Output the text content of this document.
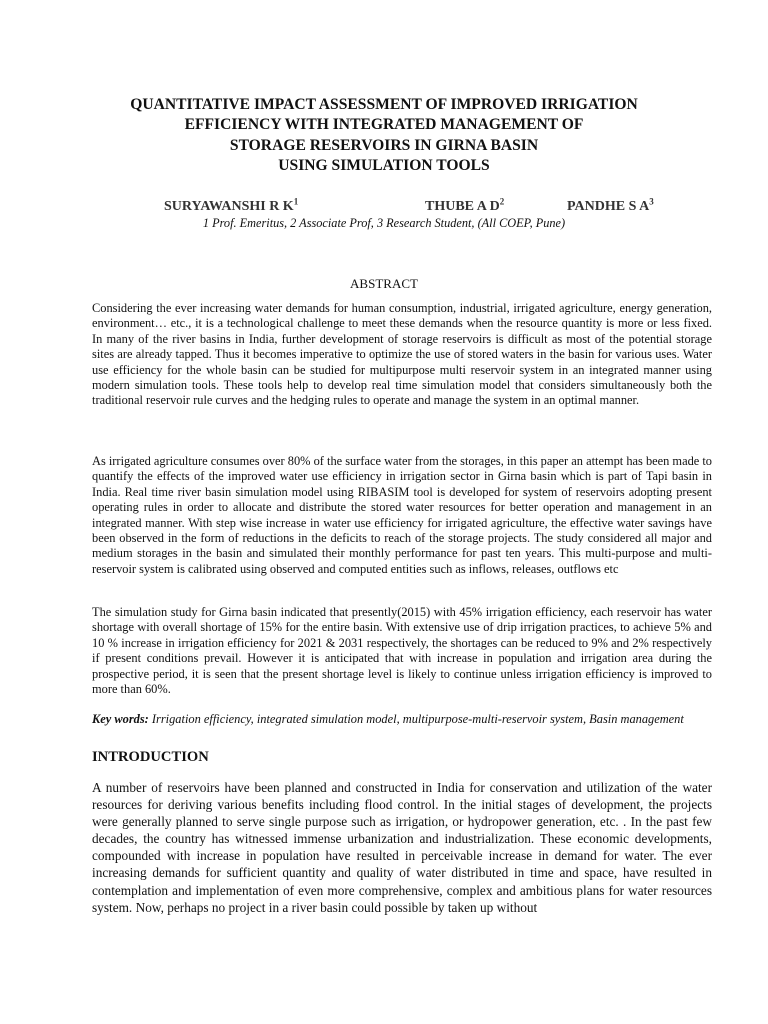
QUANTITATIVE IMPACT ASSESSMENT OF IMPROVED IRRIGATION
EFFICIENCY WITH INTEGRATED MANAGEMENT OF
STORAGE RESERVOIRS IN GIRNA BASIN
USING SIMULATION TOOLS
SURYAWANSHI R $K^1$	THUBE A $D^2$	PANDHE S $A^3$

1 Prof. Emeritus, 2 Associate Prof, 3 Research Student, (All COEP, Pune)

ABSTRACT

Considering the ever increasing water demands for human consumption, industrial, irrigated agriculture, energy generation, environment… etc., it is a technological challenge to meet these demands when the resource quantity is more or less fixed. In many of the river basins in India, further development of storage reservoirs is difficult as most of the potential storage sites are already tapped. Thus it becomes imperative to optimize the use of stored waters in the basin for various uses. Water use efficiency for the whole basin can be studied for multipurpose multi reservoir system in an integrated manner using modern simulation tools. These tools help to develop real time simulation model that considers simultaneously both the traditional reservoir rule curves and the hedging rules to operate and manage the system in an optimal manner.

As irrigated agriculture consumes over 80% of the surface water from the storages, in this paper an attempt has been made to quantify the effects of the improved water use efficiency in irrigation sector in Girna basin which is part of Tapi basin in India. Real time river basin simulation model using RIBASIM tool is developed for system of reservoirs adopting present operating rules in order to allocate and distribute the stored water resources for better operation and management in an integrated manner. With step wise increase in water use efficiency for irrigated agriculture, the effective water savings have been observed in the form of reductions in the deficits to reach of the storage projects. The study considered all major and medium storages in the basin and simulated their monthly performance for past ten years. This multi-purpose and multi-reservoir system is calibrated using observed and computed entities such as inflows, releases, outflows etc

The simulation study for Girna basin indicated that presently(2015) with 45% irrigation efficiency, each reservoir has water shortage with overall shortage of 15% for the entire basin. With extensive use of drip irrigation practices, to achieve 5% and 10 % increase in irrigation efficiency for 2021 & 2031 respectively, the shortages can be reduced to 9% and 2% respectively if present conditions prevail. However it is anticipated that with increase in population and irrigation area during the prospective period, it is seen that the present shortage level is likely to continue unless irrigation efficiency is improved to more than 60%.

Key words: Irrigation efficiency, integrated simulation model, multipurpose-multi-reservoir system, Basin management

INTRODUCTION

A number of reservoirs have been planned and constructed in India for conservation and utilization of the water resources for deriving various benefits including flood control. In the initial stages of development, the projects were generally planned to serve single purpose such as irrigation, or hydropower generation, etc. . In the past few decades, the country has witnessed immense urbanization and industrialization. These economic developments, compounded with increase in population have resulted in perceivable increase in demand for water. The ever increasing demands for sufficient quantity and quality of water distributed in time and space, have resulted in contemplation and implementation of even more comprehensive, complex and ambitious plans for water resources system. Now, perhaps no project in a river basin could possible by taken up without
